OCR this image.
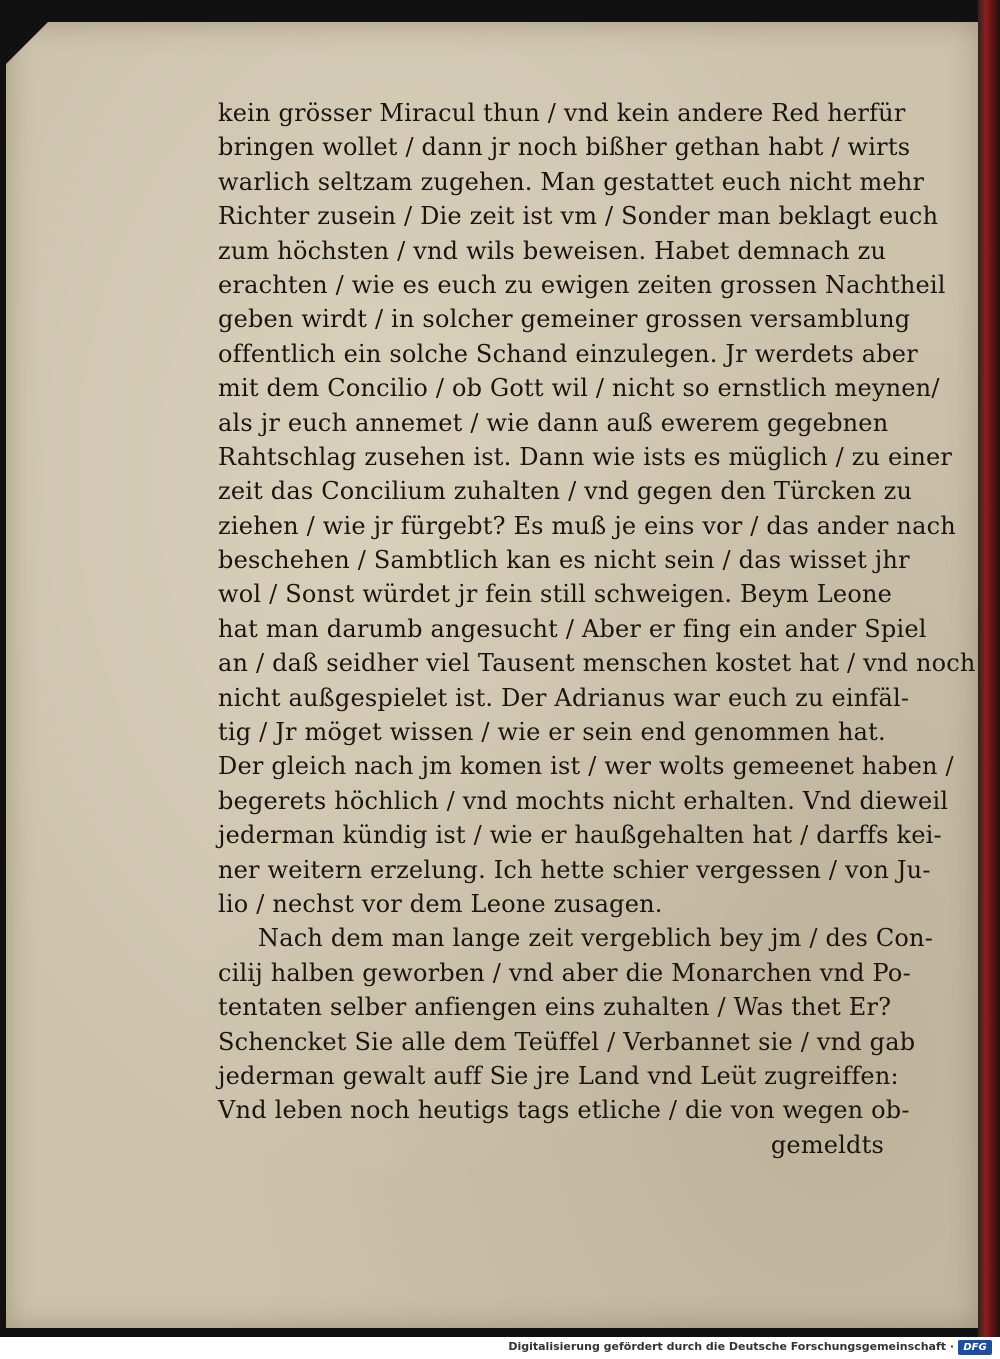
kein grösser Miracul thun / vnd kein andere Red herfür
bringen wollet / dann jr noch bißher gethan habt / wirts
warlich seltzam zugehen. Man gestattet euch nicht mehr
Richter zusein / Die zeit ist vm / Sonder man beklagt euch
zum höchsten / vnd wils beweisen. Habet demnach zu
erachten / wie es euch zu ewigen zeiten grossen Nachtheil
geben wirdt / in solcher gemeiner grossen versamblung
offentlich ein solche Schand einzulegen. Jr werdets aber
mit dem Concilio / ob Gott wil / nicht so ernstlich meynen/
als jr euch annemet / wie dann auß ewerem gegebnen
Rahtschlag zusehen ist. Dann wie ists es müglich / zu einer
zeit das Concilium zuhalten / vnd gegen den Türcken zu
ziehen / wie jr fürgebt? Es muß je eins vor / das ander nach
beschehen / Sambtlich kan es nicht sein / das wisset jhr
wol / Sonst würdet jr fein still schweigen. Beym Leone
hat man darumb angesucht / Aber er fing ein ander Spiel
an / daß seidher viel Tausent menschen kostet hat / vnd noch
nicht außgespielet ist. Der Adrianus war euch zu einfäl-
tig / Jr möget wissen / wie er sein end genommen hat.
Der gleich nach jm komen ist / wer wolts gemeenet haben /
begerets höchlich / vnd mochts nicht erhalten. Vnd dieweil
jederman kündig ist / wie er haußgehalten hat / darffs kei-
ner weitern erzelung. Ich hette schier vergessen / von Ju-
lio / nechst vor dem Leone zusagen.
Nach dem man lange zeit vergeblich bey jm / des Con-
cilij halben geworben / vnd aber die Monarchen vnd Po-
tentaten selber anfiengen eins zuhalten / Was thet Er?
Schencket Sie alle dem Teüffel / Verbannet sie / vnd gab
jederman gewalt auff Sie jre Land vnd Leüt zugreiffen:
Vnd leben noch heutigs tags etliche / die von wegen ob-
gemeldts
Digitalisierung gefördert durch die Deutsche Forschungsgemeinschaft · DFG
